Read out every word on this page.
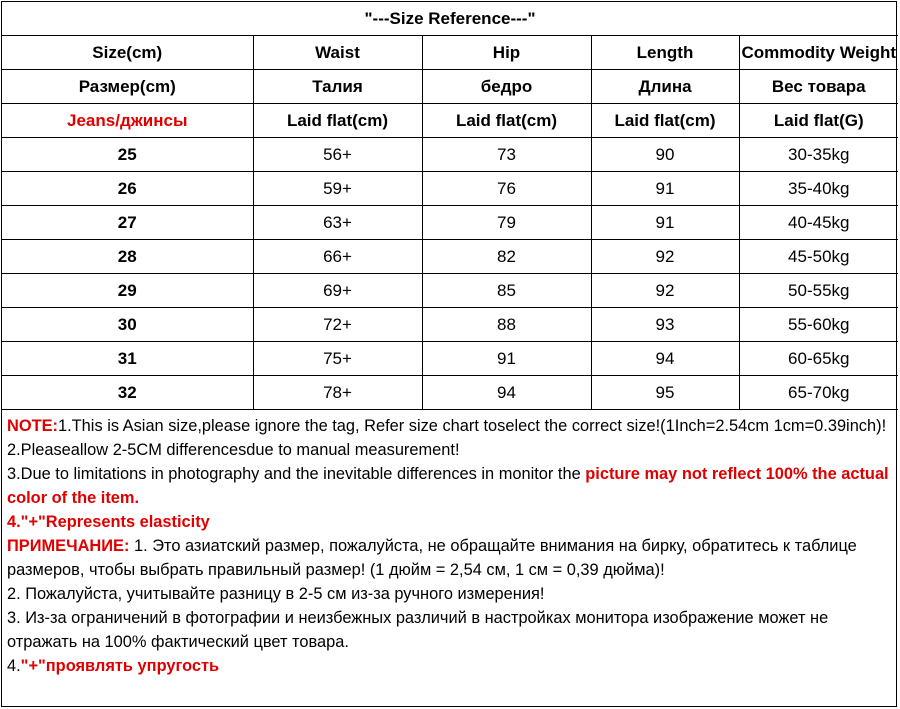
"---Size Reference---"				
Size(cm)	Waist	Hip	Length	Commodity Weight
Размер(cm)	Талия	бедро	Длина	Вес товара
Jeans/джинсы	Laid flat(cm)	Laid flat(cm)	Laid flat(cm)	Laid flat(G)
25	56+	73	90	30-35kg
26	59+	76	91	35-40kg
27	63+	79	91	40-45kg
28	66+	82	92	45-50kg
29	69+	85	92	50-55kg
30	72+	88	93	55-60kg
31	75+	91	94	60-65kg
32	78+	94	95	65-70kg

NOTE:1.This is Asian size,please ignore the tag, Refer size chart toselect the correct size!(1Inch=2.54cm 1cm=0.39inch)!

2.Pleaseallow 2-5CM differencesdue to manual measurement!

3.Due to limitations in photography and the inevitable differences in monitor the picture may not reflect 100% the actual color of the item.

4."+"Represents elasticity

ПРИМЕЧАНИЕ: 1. Это азиатский размер, пожалуйста, не обращайте внимания на бирку, обратитесь к таблице размеров, чтобы выбрать правильный размер! (1 дюйм = 2,54 см, 1 см = 0,39 дюйма)!

2. Пожалуйста, учитывайте разницу в 2-5 см из-за ручного измерения!

3. Из-за ограничений в фотографии и неизбежных различий в настройках монитора изображение может не отражать на 100% фактический цвет товара.

4."+"проявлять упругость
